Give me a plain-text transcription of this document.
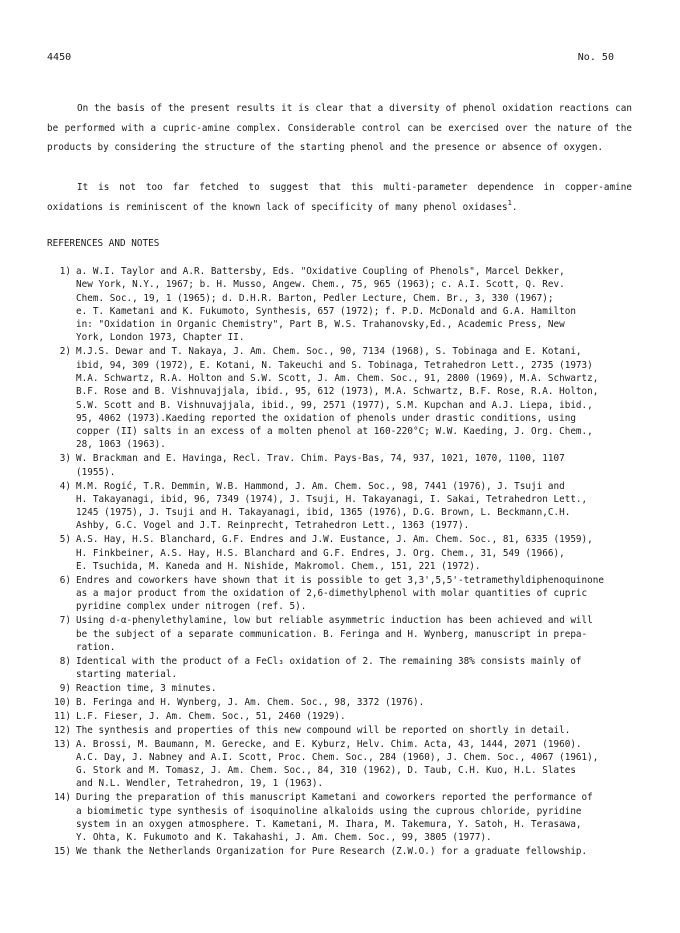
4450	No. 50

On the basis of the present results it is clear that a diversity of phenol oxidation reactions can be performed with a cupric-amine complex. Considerable control can be exercised over the nature of the products by considering the structure of the starting phenol and the presence or absence of oxygen.

It is not too far fetched to suggest that this multi-parameter dependence in copper-amine oxidations is reminiscent of the known lack of specificity of many phenol oxidases$^1$.

REFERENCES AND NOTES
1) a. W.I. Taylor and A.R. Battersby, Eds. "Oxidative Coupling of Phenols", Marcel Dekker,
New York, N.Y., 1967; b. H. Musso, Angew. Chem., 75, 965 (1963); c. A.I. Scott, Q. Rev.
Chem. Soc., 19, 1 (1965); d. D.H.R. Barton, Pedler Lecture, Chem. Br., 3, 330 (1967);
e. T. Kametani and K. Fukumoto, Synthesis, 657 (1972); f. P.D. McDonald and G.A. Hamilton
in: "Oxidation in Organic Chemistry", Part B, W.S. Trahanovsky,Ed., Academic Press, New
York, London 1973, Chapter II.
2) M.J.S. Dewar and T. Nakaya, J. Am. Chem. Soc., 90, 7134 (1968), S. Tobinaga and E. Kotani,
ibid, 94, 309 (1972), E. Kotani, N. Takeuchi and S. Tobinaga, Tetrahedron Lett., 2735 (1973)
M.A. Schwartz, R.A. Holton and S.W. Scott, J. Am. Chem. Soc., 91, 2800 (1969), M.A. Schwartz,
B.F. Rose and B. Vishnuvajjala, ibid., 95, 612 (1973), M.A. Schwartz, B.F. Rose, R.A. Holton,
S.W. Scott and B. Vishnuvajjala, ibid., 99, 2571 (1977), S.M. Kupchan and A.J. Liepa, ibid.,
95, 4062 (1973).Kaeding reported the oxidation of phenols under drastic conditions, using
copper (II) salts in an excess of a molten phenol at 160-220°C; W.W. Kaeding, J. Org. Chem.,
28, 1063 (1963).
3) W. Brackman and E. Havinga, Recl. Trav. Chim. Pays-Bas, 74, 937, 1021, 1070, 1100, 1107
(1955).
4) M.M. Rogić, T.R. Demmin, W.B. Hammond, J. Am. Chem. Soc., 98, 7441 (1976), J. Tsuji and
H. Takayanagi, ibid, 96, 7349 (1974), J. Tsuji, H. Takayanagi, I. Sakai, Tetrahedron Lett.,
1245 (1975), J. Tsuji and H. Takayanagi, ibid, 1365 (1976), D.G. Brown, L. Beckmann,C.H.
Ashby, G.C. Vogel and J.T. Reinprecht, Tetrahedron Lett., 1363 (1977).
5) A.S. Hay, H.S. Blanchard, G.F. Endres and J.W. Eustance, J. Am. Chem. Soc., 81, 6335 (1959),
H. Finkbeiner, A.S. Hay, H.S. Blanchard and G.F. Endres, J. Org. Chem., 31, 549 (1966),
E. Tsuchida, M. Kaneda and H. Nishide, Makromol. Chem., 151, 221 (1972).
6) Endres and coworkers have shown that it is possible to get 3,3',5,5'-tetramethyldiphenoquinone
as a major product from the oxidation of 2,6-dimethylphenol with molar quantities of cupric
pyridine complex under nitrogen (ref. 5).
7) Using d-α-phenylethylamine, low but reliable asymmetric induction has been achieved and will
be the subject of a separate communication. B. Feringa and H. Wynberg, manuscript in prepa-
ration.
8) Identical with the product of a FeCl₃ oxidation of 2. The remaining 38% consists mainly of
starting material.
9) Reaction time, 3 minutes.
10) B. Feringa and H. Wynberg, J. Am. Chem. Soc., 98, 3372 (1976).
11) L.F. Fieser, J. Am. Chem. Soc., 51, 2460 (1929).
12) The synthesis and properties of this new compound will be reported on shortly in detail.
13) A. Brossi, M. Baumann, M. Gerecke, and E. Kyburz, Helv. Chim. Acta, 43, 1444, 2071 (1960).
A.C. Day, J. Nabney and A.I. Scott, Proc. Chem. Soc., 284 (1960), J. Chem. Soc., 4067 (1961),
G. Stork and M. Tomasz, J. Am. Chem. Soc., 84, 310 (1962), D. Taub, C.H. Kuo, H.L. Slates
and N.L. Wendler, Tetrahedron, 19, 1 (1963).
14) During the preparation of this manuscript Kametani and coworkers reported the performance of
a biomimetic type synthesis of isoquinoline alkaloids using the cuprous chloride, pyridine
system in an oxygen atmosphere. T. Kametani, M. Ihara, M. Takemura, Y. Satoh, H. Terasawa,
Y. Ohta, K. Fukumoto and K. Takahashi, J. Am. Chem. Soc., 99, 3805 (1977).
15) We thank the Netherlands Organization for Pure Research (Z.W.O.) for a graduate fellowship.
